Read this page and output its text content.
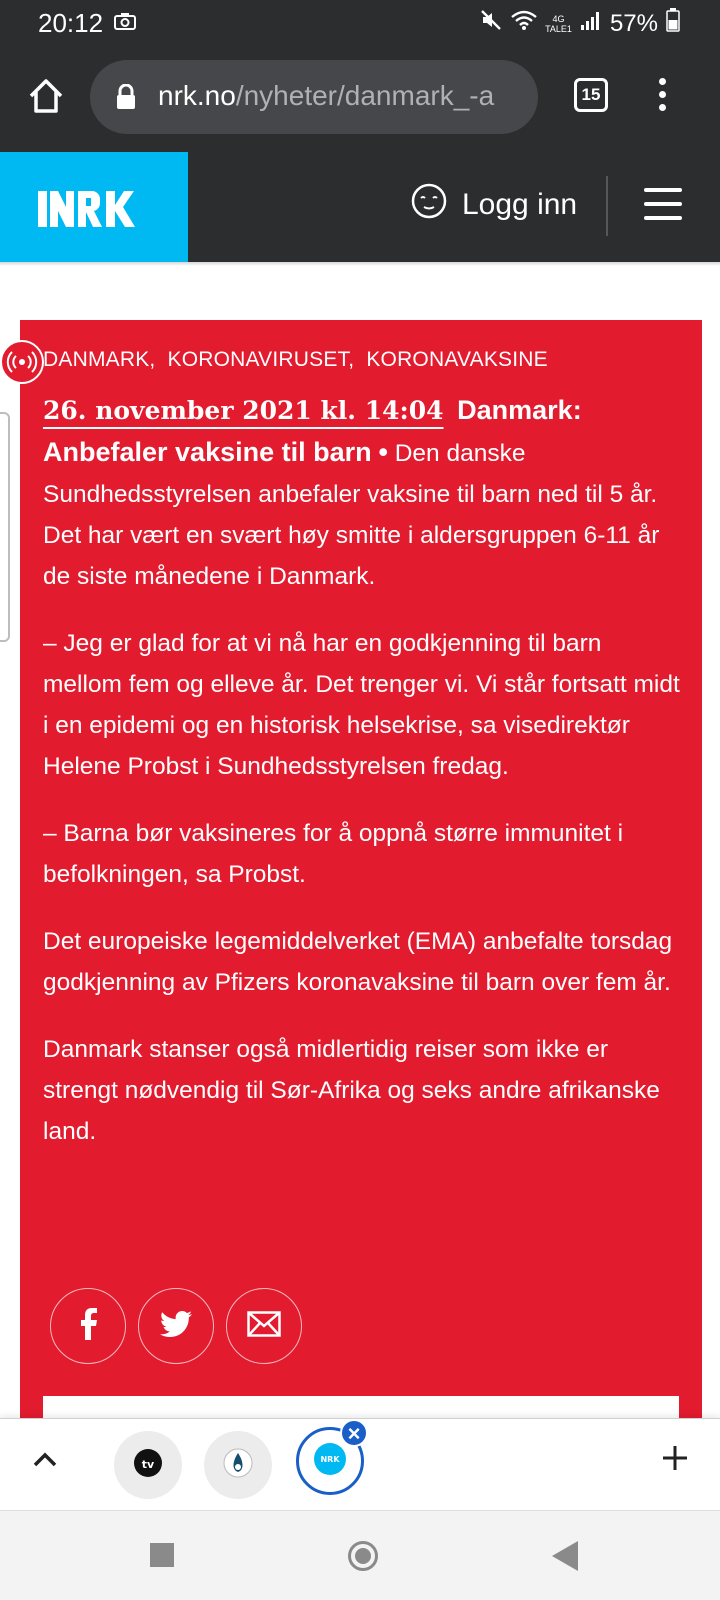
20:12	4G
TALE1 57%
nrk.no/nyheter/danmark_-a	15
Logg inn
DANMARK, KORONAVIRUSET, KORONAVAKSINE

26. november 2021 kl. 14:04 Danmark: Anbefaler vaksine til barn • Den danske Sundhedsstyrelsen anbefaler vaksine til barn ned til 5 år. Det har vært en svært høy smitte i aldersgruppen 6-11 år de siste månedene i Danmark.

– Jeg er glad for at vi nå har en godkjenning til barn mellom fem og elleve år. Det trenger vi. Vi står fortsatt midt i en epidemi og en historisk helsekrise, sa visedirektør Helene Probst i Sundhedsstyrelsen fredag.

– Barna bør vaksineres for å oppnå større immunitet i befolkningen, sa Probst.

Det europeiske legemiddelverket (EMA) anbefalte torsdag godkjenning av Pfizers koronavaksine til barn over fem år.

Danmark stanser også midlertidig reiser som ikke er strengt nødvendig til Sør-Afrika og seks andre afrikanske land.

tv	NRK
×
